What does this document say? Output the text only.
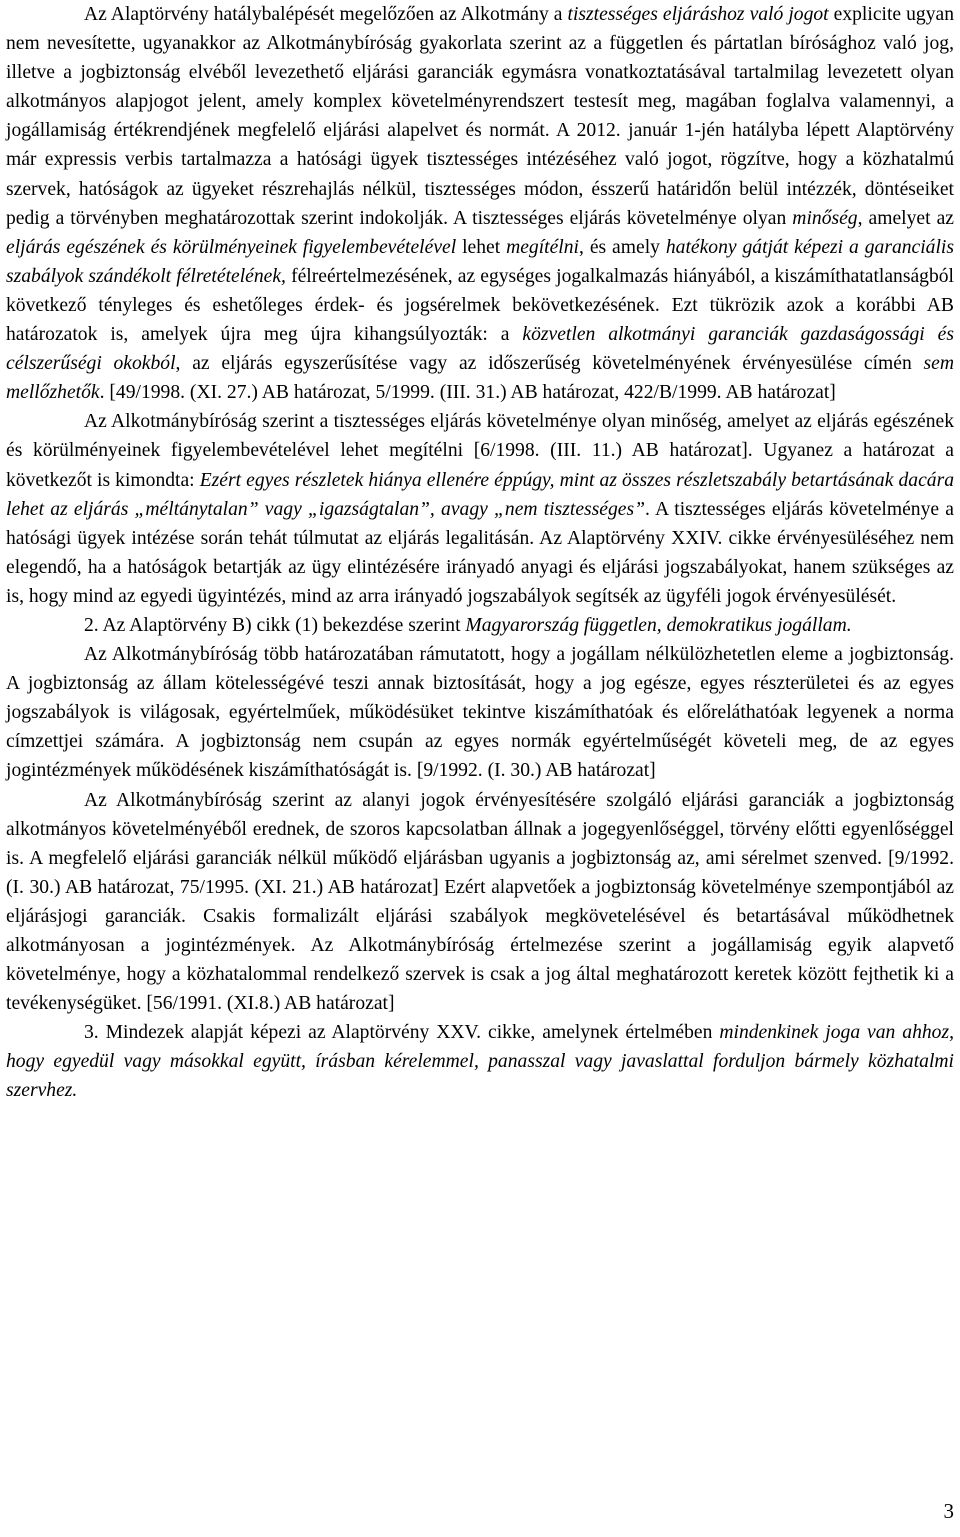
Az Alaptörvény hatálybalépését megelőzően az Alkotmány a tisztességes eljáráshoz való jogot explicite ugyan nem nevesítette, ugyanakkor az Alkotmánybíróság gyakorlata szerint az a független és pártatlan bírósághoz való jog, illetve a jogbiztonság elvéből levezethető eljárási garanciák egymásra vonatkoztatásával tartalmilag levezetett olyan alkotmányos alapjogot jelent, amely komplex követelményrendszert testesít meg, magában foglalva valamennyi, a jogállamiság értékrendjének megfelelő eljárási alapelvet és normát. A 2012. január 1-jén hatályba lépett Alaptörvény már expressis verbis tartalmazza a hatósági ügyek tisztességes intézéséhez való jogot, rögzítve, hogy a közhatalmú szervek, hatóságok az ügyeket részrehajlás nélkül, tisztességes módon, ésszerű határidőn belül intézzék, döntéseiket pedig a törvényben meghatározottak szerint indokolják. A tisztességes eljárás követelménye olyan minőség, amelyet az eljárás egészének és körülményeinek figyelembevételével lehet megítélni, és amely hatékony gátját képezi a garanciális szabályok szándékolt félretételének, félreértelmezésének, az egységes jogalkalmazás hiányából, a kiszámíthatatlanságból következő tényleges és eshetőleges érdek- és jogsérelmek bekövetkezésének. Ezt tükrözik azok a korábbi AB határozatok is, amelyek újra meg újra kihangsúlyozták: a közvetlen alkotmányi garanciák gazdaságossági és célszerűségi okokból, az eljárás egyszerűsítése vagy az időszerűség követelményének érvényesülése címén sem mellőzhetők. [49/1998. (XI. 27.) AB határozat, 5/1999. (III. 31.) AB határozat, 422/B/1999. AB határozat]

Az Alkotmánybíróság szerint a tisztességes eljárás követelménye olyan minőség, amelyet az eljárás egészének és körülményeinek figyelembevételével lehet megítélni [6/1998. (III. 11.) AB határozat]. Ugyanez a határozat a következőt is kimondta: Ezért egyes részletek hiánya ellenére éppúgy, mint az összes részletszabály betartásának dacára lehet az eljárás „méltánytalan” vagy „igazságtalan”, avagy „nem tisztességes”. A tisztességes eljárás követelménye a hatósági ügyek intézése során tehát túlmutat az eljárás legalitásán. Az Alaptörvény XXIV. cikke érvényesüléséhez nem elegendő, ha a hatóságok betartják az ügy elintézésére irányadó anyagi és eljárási jogszabályokat, hanem szükséges az is, hogy mind az egyedi ügyintézés, mind az arra irányadó jogszabályok segítsék az ügyféli jogok érvényesülését.

2. Az Alaptörvény B) cikk (1) bekezdése szerint Magyarország független, demokratikus jogállam.

Az Alkotmánybíróság több határozatában rámutatott, hogy a jogállam nélkülözhetetlen eleme a jogbiztonság. A jogbiztonság az állam kötelességévé teszi annak biztosítását, hogy a jog egésze, egyes részterületei és az egyes jogszabályok is világosak, egyértelműek, működésüket tekintve kiszámíthatóak és előreláthatóak legyenek a norma címzettjei számára. A jogbiztonság nem csupán az egyes normák egyértelműségét követeli meg, de az egyes jogintézmények működésének kiszámíthatóságát is. [9/1992. (I. 30.) AB határozat]

Az Alkotmánybíróság szerint az alanyi jogok érvényesítésére szolgáló eljárási garanciák a jogbiztonság alkotmányos követelményéből erednek, de szoros kapcsolatban állnak a jogegyenlőséggel, törvény előtti egyenlőséggel is. A megfelelő eljárási garanciák nélkül működő eljárásban ugyanis a jogbiztonság az, ami sérelmet szenved. [9/1992. (I. 30.) AB határozat, 75/1995. (XI. 21.) AB határozat] Ezért alapvetőek a jogbiztonság követelménye szempontjából az eljárásjogi garanciák. Csakis formalizált eljárási szabályok megkövetelésével és betartásával működhetnek alkotmányosan a jogintézmények. Az Alkotmánybíróság értelmezése szerint a jogállamiság egyik alapvető követelménye, hogy a közhatalommal rendelkező szervek is csak a jog által meghatározott keretek között fejthetik ki a tevékenységüket. [56/1991. (XI.8.) AB határozat]

3. Mindezek alapját képezi az Alaptörvény XXV. cikke, amelynek értelmében mindenkinek joga van ahhoz, hogy egyedül vagy másokkal együtt, írásban kérelemmel, panasszal vagy javaslattal forduljon bármely közhatalmi szervhez.

3
